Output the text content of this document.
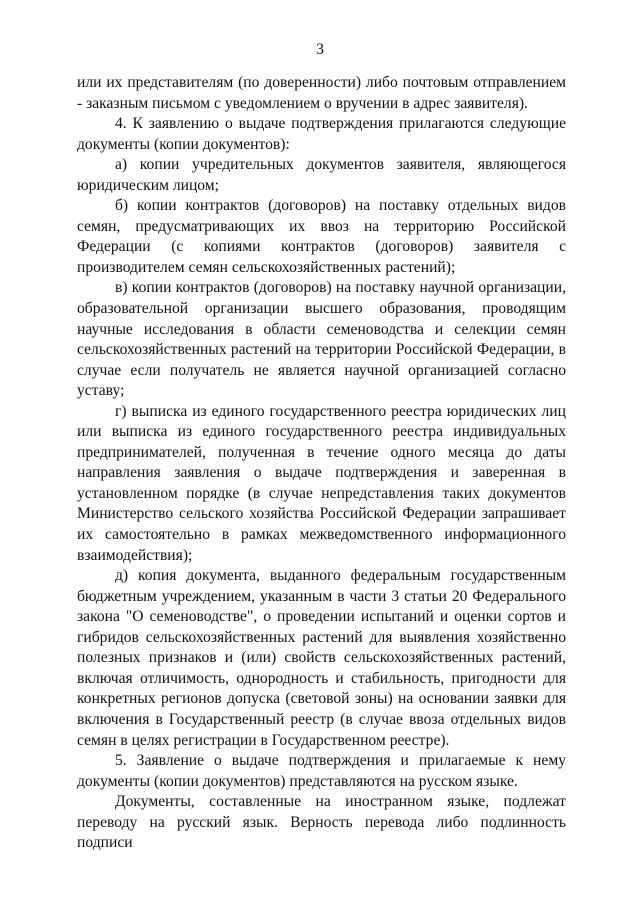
3

или их представителям (по доверенности) либо почтовым отправлением - заказным письмом с уведомлением о вручении в адрес заявителя).

4. К заявлению о выдаче подтверждения прилагаются следующие документы (копии документов):

а) копии учредительных документов заявителя, являющегося юридическим лицом;

б) копии контрактов (договоров) на поставку отдельных видов семян, предусматривающих их ввоз на территорию Российской Федерации (с копиями контрактов (договоров) заявителя с производителем семян сельскохозяйственных растений);

в) копии контрактов (договоров) на поставку научной организации, образовательной организации высшего образования, проводящим научные исследования в области семеноводства и селекции семян сельскохозяйственных растений на территории Российской Федерации, в случае если получатель не является научной организацией согласно уставу;

г) выписка из единого государственного реестра юридических лиц или выписка из единого государственного реестра индивидуальных предпринимателей, полученная в течение одного месяца до даты направления заявления о выдаче подтверждения и заверенная в установленном порядке (в случае непредставления таких документов Министерство сельского хозяйства Российской Федерации запрашивает их самостоятельно в рамках межведомственного информационного взаимодействия);

д) копия документа, выданного федеральным государственным бюджетным учреждением, указанным в части 3 статьи 20 Федерального закона "О семеноводстве", о проведении испытаний и оценки сортов и гибридов сельскохозяйственных растений для выявления хозяйственно полезных признаков и (или) свойств сельскохозяйственных растений, включая отличимость, однородность и стабильность, пригодности для конкретных регионов допуска (световой зоны) на основании заявки для включения в Государственный реестр (в случае ввоза отдельных видов семян в целях регистрации в Государственном реестре).

5. Заявление о выдаче подтверждения и прилагаемые к нему документы (копии документов) представляются на русском языке.

Документы, составленные на иностранном языке, подлежат переводу на русский язык. Верность перевода либо подлинность подписи
